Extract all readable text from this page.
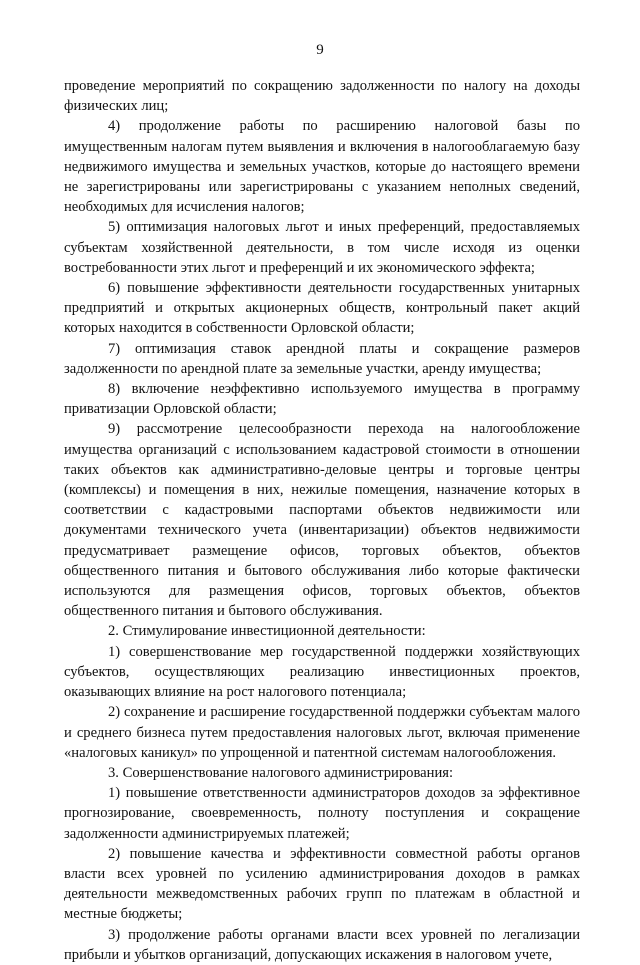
9

проведение мероприятий по сокращению задолженности по налогу на доходы физических лиц;

4) продолжение работы по расширению налоговой базы по имущественным налогам путем выявления и включения в налогооблагаемую базу недвижимого имущества и земельных участков, которые до настоящего времени не зарегистрированы или зарегистрированы с указанием неполных сведений, необходимых для исчисления налогов;

5) оптимизация налоговых льгот и иных преференций, предоставляемых субъектам хозяйственной деятельности, в том числе исходя из оценки востребованности этих льгот и преференций и их экономического эффекта;

6) повышение эффективности деятельности государственных унитарных предприятий и открытых акционерных обществ, контрольный пакет акций которых находится в собственности Орловской области;

7) оптимизация ставок арендной платы и сокращение размеров задолженности по арендной плате за земельные участки, аренду имущества;

8) включение неэффективно используемого имущества в программу приватизации Орловской области;

9) рассмотрение целесообразности перехода на налогообложение имущества организаций с использованием кадастровой стоимости в отношении таких объектов как административно-деловые центры и торговые центры (комплексы) и помещения в них, нежилые помещения, назначение которых в соответствии с кадастровыми паспортами объектов недвижимости или документами технического учета (инвентаризации) объектов недвижимости предусматривает размещение офисов, торговых объектов, объектов общественного питания и бытового обслуживания либо которые фактически используются для размещения офисов, торговых объектов, объектов общественного питания и бытового обслуживания.

2. Стимулирование инвестиционной деятельности:

1) совершенствование мер государственной поддержки хозяйствующих субъектов, осуществляющих реализацию инвестиционных проектов, оказывающих влияние на рост налогового потенциала;

2) сохранение и расширение государственной поддержки субъектам малого и среднего бизнеса путем предоставления налоговых льгот, включая применение «налоговых каникул» по упрощенной и патентной системам налогообложения.

3. Совершенствование налогового администрирования:

1) повышение ответственности администраторов доходов за эффективное прогнозирование, своевременность, полноту поступления и сокращение задолженности администрируемых платежей;

2) повышение качества и эффективности совместной работы органов власти всех уровней по усилению администрирования доходов в рамках деятельности межведомственных рабочих групп по платежам в областной и местные бюджеты;

3) продолжение работы органами власти всех уровней по легализации прибыли и убытков организаций, допускающих искажения в налоговом учете,
